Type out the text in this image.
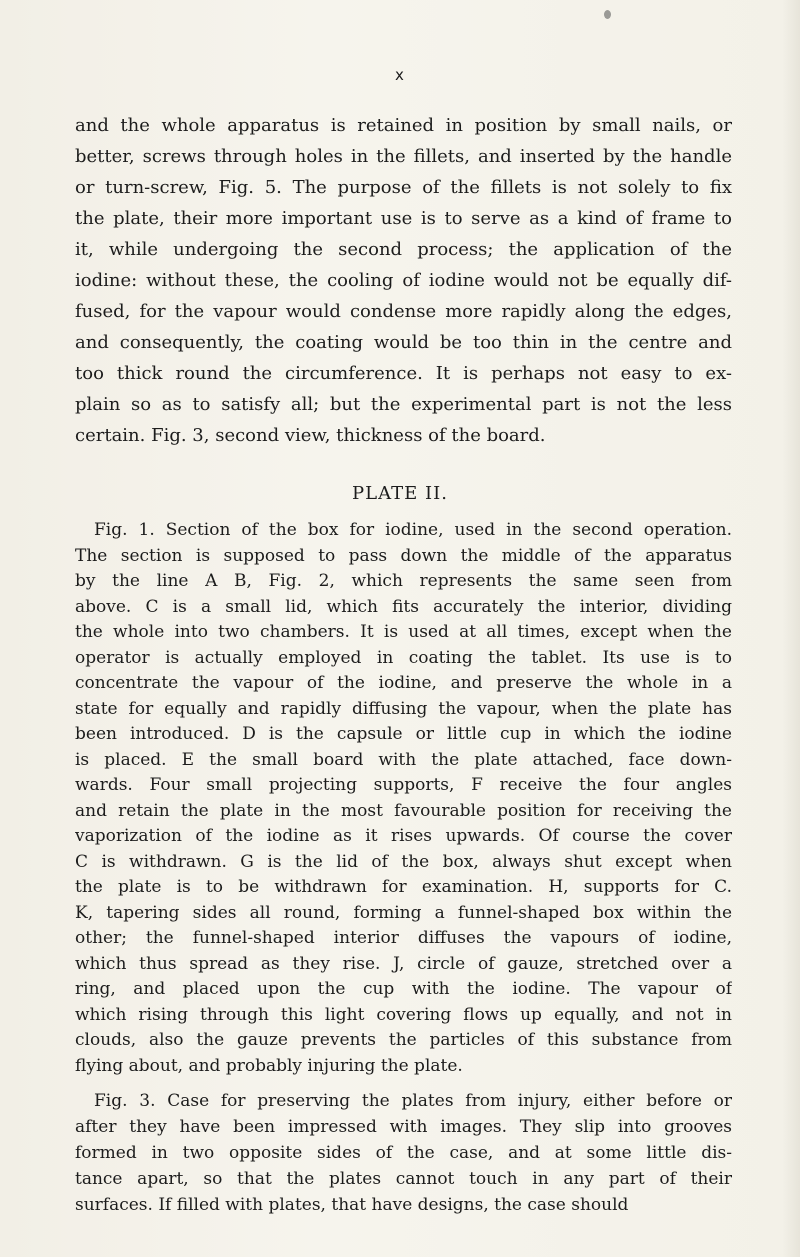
x
and the whole apparatus is retained in position by small nails, or
better, screws through holes in the fillets, and inserted by the handle
or turn-screw, Fig. 5. The purpose of the fillets is not solely to fix
the plate, their more important use is to serve as a kind of frame to
it, while undergoing the second process; the application of the
iodine: without these, the cooling of iodine would not be equally dif-
fused, for the vapour would condense more rapidly along the edges,
and consequently, the coating would be too thin in the centre and
too thick round the circumference. It is perhaps not easy to ex-
plain so as to satisfy all; but the experimental part is not the less
certain. Fig. 3, second view, thickness of the board.
PLATE II.
Fig. 1. Section of the box for iodine, used in the second operation.
The section is supposed to pass down the middle of the apparatus
by the line A B, Fig. 2, which represents the same seen from
above. C is a small lid, which fits accurately the interior, dividing
the whole into two chambers. It is used at all times, except when the
operator is actually employed in coating the tablet. Its use is to
concentrate the vapour of the iodine, and preserve the whole in a
state for equally and rapidly diffusing the vapour, when the plate has
been introduced. D is the capsule or little cup in which the iodine
is placed. E the small board with the plate attached, face down-
wards. Four small projecting supports, F receive the four angles
and retain the plate in the most favourable position for receiving the
vaporization of the iodine as it rises upwards. Of course the cover
C is withdrawn. G is the lid of the box, always shut except when
the plate is to be withdrawn for examination. H, supports for C.
K, tapering sides all round, forming a funnel-shaped box within the
other; the funnel-shaped interior diffuses the vapours of iodine,
which thus spread as they rise. J, circle of gauze, stretched over a
ring, and placed upon the cup with the iodine. The vapour of
which rising through this light covering flows up equally, and not in
clouds, also the gauze prevents the particles of this substance from
flying about, and probably injuring the plate.
Fig. 3. Case for preserving the plates from injury, either before or
after they have been impressed with images. They slip into grooves
formed in two opposite sides of the case, and at some little dis-
tance apart, so that the plates cannot touch in any part of their
surfaces. If filled with plates, that have designs, the case should
